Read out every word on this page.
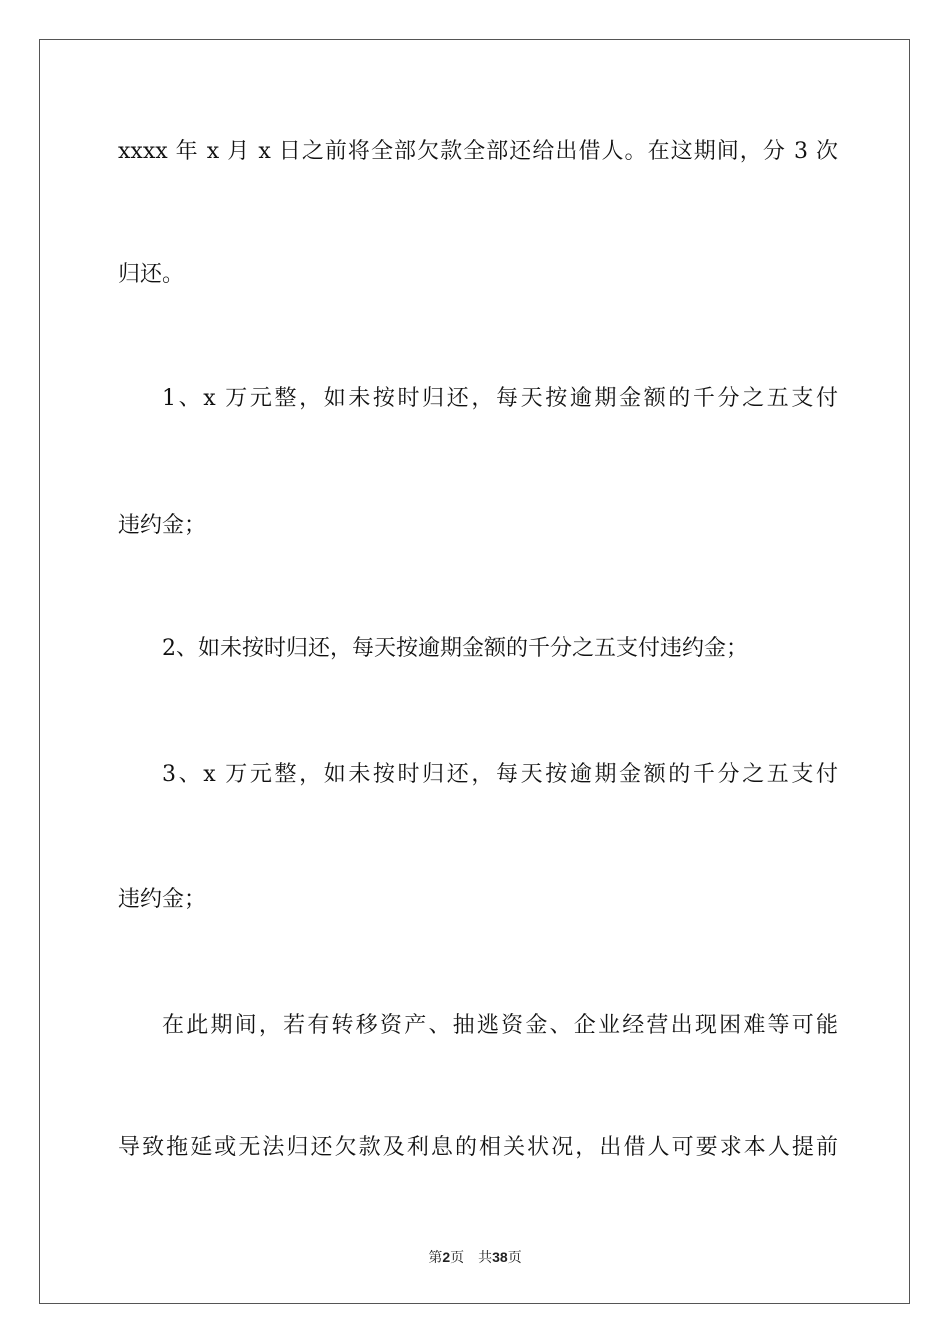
xxxx 年 x 月 x 日之前将全部欠款全部还给出借人。在这期间，分 3 次
归还。
1、x 万元整，如未按时归还，每天按逾期金额的千分之五支付
违约金；
2、如未按时归还，每天按逾期金额的千分之五支付违约金；
3、x 万元整，如未按时归还，每天按逾期金额的千分之五支付
违约金；
在此期间，若有转移资产、抽逃资金、企业经营出现困难等可能
导致拖延或无法归还欠款及利息的相关状况，出借人可要求本人提前
第2页 共38页
